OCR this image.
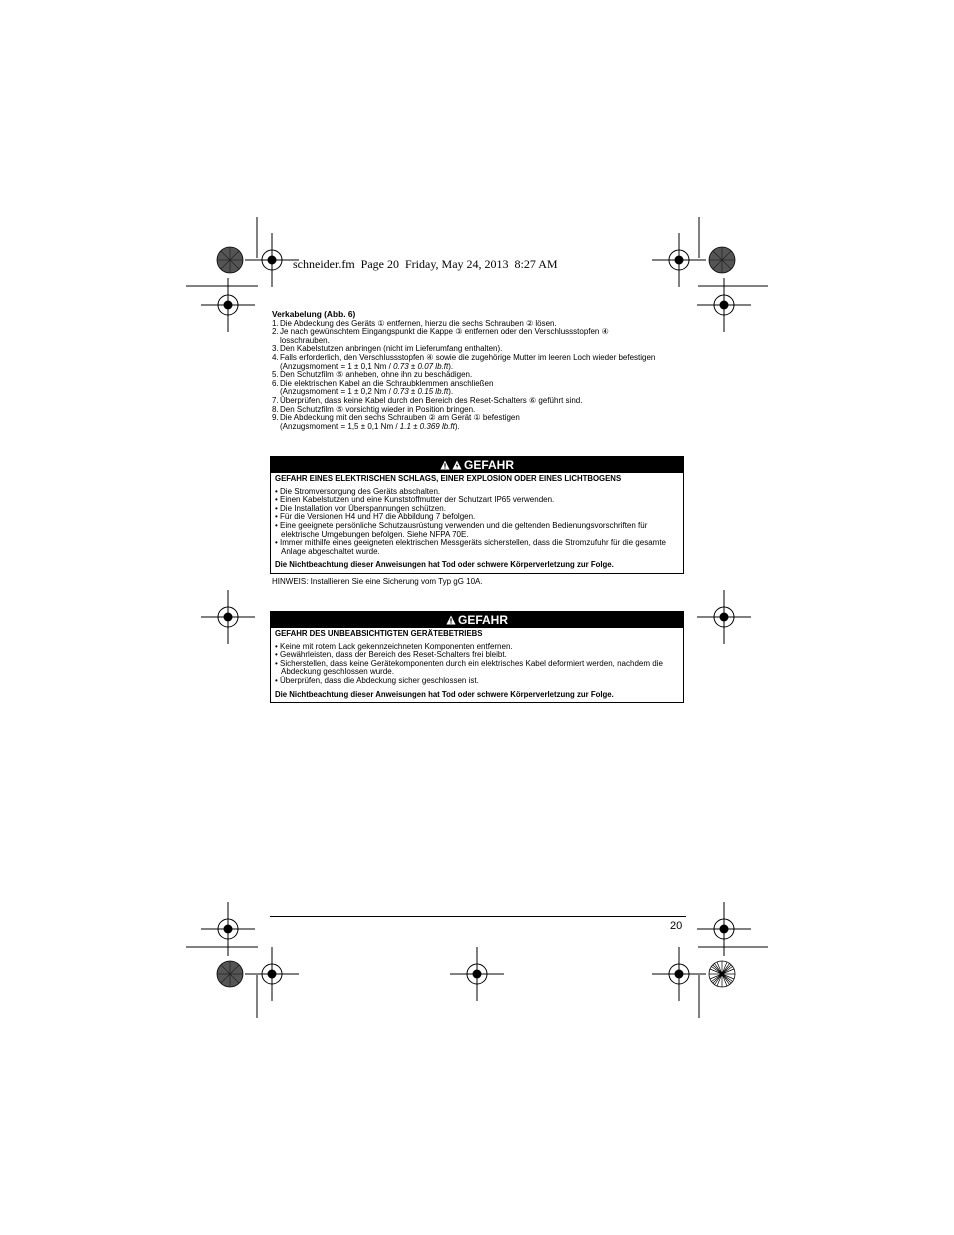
schneider.fm Page 20 Friday, May 24, 2013 8:27 AM
Verkabelung (Abb. 6)
1.Die Abdeckung des Geräts ① entfernen, hierzu die sechs Schrauben ② lösen.
2.Je nach gewünschtem Eingangspunkt die Kappe ③ entfernen oder den Verschlussstopfen ④
losschrauben.
3.Den Kabelstutzen anbringen (nicht im Lieferumfang enthalten).
4.Falls erforderlich, den Verschlussstopfen ④ sowie die zugehörige Mutter im leeren Loch wieder befestigen
(Anzugsmoment = 1 ± 0,1 Nm / 0.73 ± 0.07 lb.ft).
5.Den Schutzfilm ⑤ anheben, ohne ihn zu beschädigen.
6.Die elektrischen Kabel an die Schraubklemmen anschließen
(Anzugsmoment = 1 ± 0,2 Nm / 0.73 ± 0.15 lb.ft).
7.Überprüfen, dass keine Kabel durch den Bereich des Reset-Schalters ⑥ geführt sind.
8.Den Schutzfilm ⑤ vorsichtig wieder in Position bringen.
9.Die Abdeckung mit den sechs Schrauben ② am Gerät ① befestigen
(Anzugsmoment = 1,5 ± 0,1 Nm / 1.1 ± 0.369 lb.ft).
GEFAHR
GEFAHR EINES ELEKTRISCHEN SCHLAGS, EINER EXPLOSION ODER EINES LICHTBOGENS
• Die Stromversorgung des Geräts abschalten.
• Einen Kabelstutzen und eine Kunststoffmutter der Schutzart IP65 verwenden.
• Die Installation vor Überspannungen schützen.
• Für die Versionen H4 und H7 die Abbildung 7 befolgen.
• Eine geeignete persönliche Schutzausrüstung verwenden und die geltenden Bedienungsvorschriften für elektrische Umgebungen befolgen. Siehe NFPA 70E.
• Immer mithilfe eines geeigneten elektrischen Messgeräts sicherstellen, dass die Stromzufuhr für die gesamte Anlage abgeschaltet wurde.
Die Nichtbeachtung dieser Anweisungen hat Tod oder schwere Körperverletzung zur Folge.
HINWEIS: Installieren Sie eine Sicherung vom Typ gG 10A.
GEFAHR
GEFAHR DES UNBEABSICHTIGTEN GERÄTEBETRIEBS
• Keine mit rotem Lack gekennzeichneten Komponenten entfernen.
• Gewährleisten, dass der Bereich des Reset-Schalters frei bleibt.
• Sicherstellen, dass keine Gerätekomponenten durch ein elektrisches Kabel deformiert werden, nachdem die Abdeckung geschlossen wurde.
• Überprüfen, dass die Abdeckung sicher geschlossen ist.
Die Nichtbeachtung dieser Anweisungen hat Tod oder schwere Körperverletzung zur Folge.
20
